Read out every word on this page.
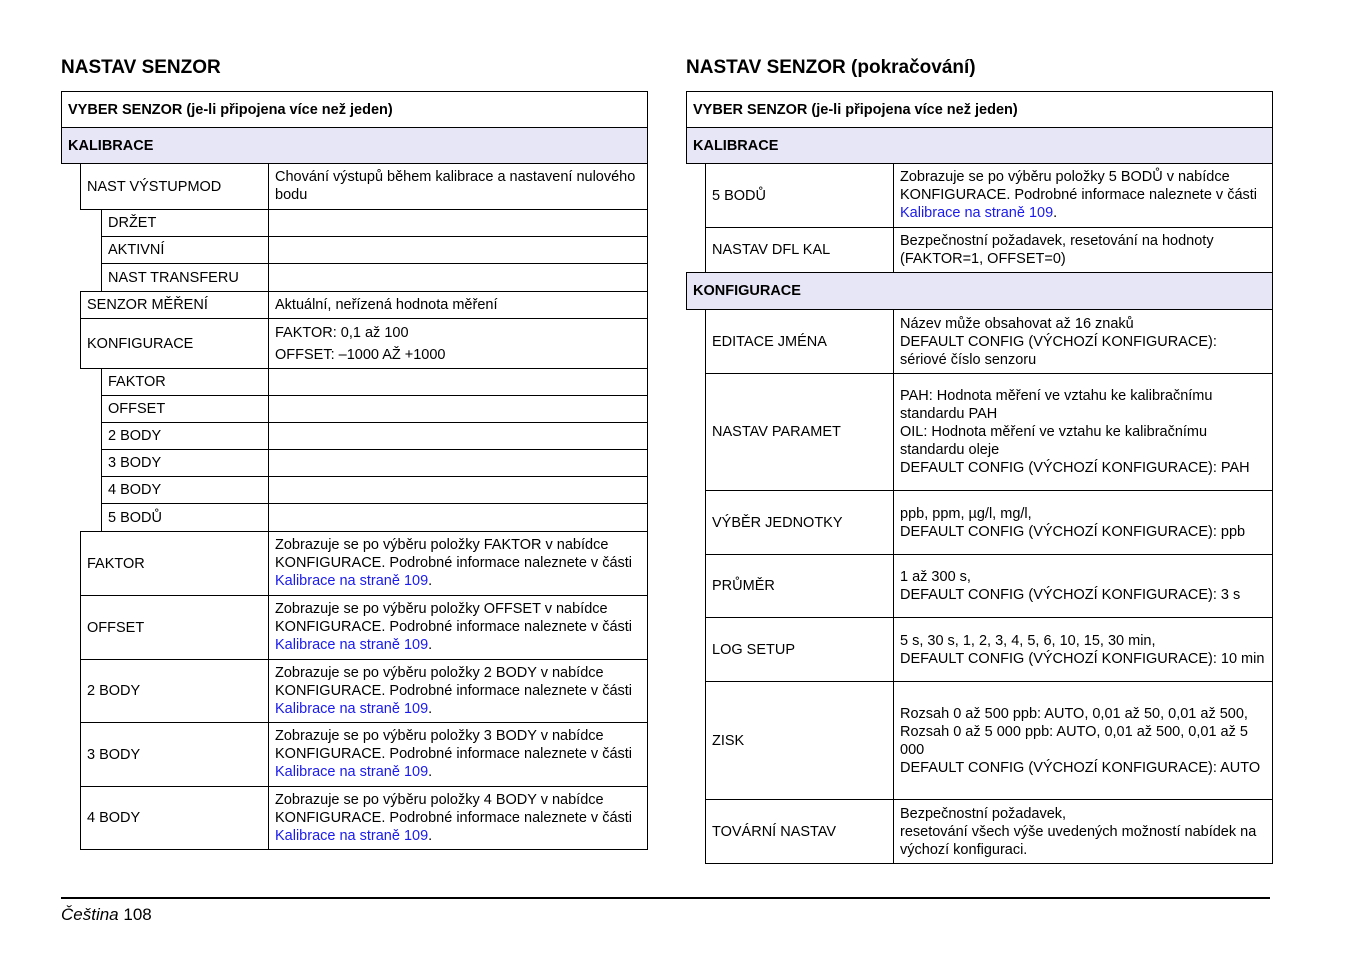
NASTAV SENZOR
VYBER SENZOR (je-li připojena více než jeden)
KALIBRACE
NAST VÝSTUPMOD
Chování výstupů během kalibrace a nastavení nulového bodu
DRŽET
AKTIVNÍ
NAST TRANSFERU
SENZOR MĚŘENÍ	Aktuální, neřízená hodnota měření
KONFIGURACE
FAKTOR: 0,1 až 100
OFFSET: –1000 AŽ +1000
FAKTOR
OFFSET
2 BODY
3 BODY
4 BODY
5 BODŮ
FAKTOR
Zobrazuje se po výběru položky FAKTOR v nabídce KONFIGURACE. Podrobné informace naleznete v části Kalibrace na straně 109.
OFFSET
Zobrazuje se po výběru položky OFFSET v nabídce KONFIGURACE. Podrobné informace naleznete v části Kalibrace na straně 109.
2 BODY
Zobrazuje se po výběru položky 2 BODY v nabídce KONFIGURACE. Podrobné informace naleznete v části Kalibrace na straně 109.
3 BODY
Zobrazuje se po výběru položky 3 BODY v nabídce KONFIGURACE. Podrobné informace naleznete v části Kalibrace na straně 109.
4 BODY
Zobrazuje se po výběru položky 4 BODY v nabídce KONFIGURACE. Podrobné informace naleznete v části Kalibrace na straně 109.
NASTAV SENZOR (pokračování)
VYBER SENZOR (je-li připojena více než jeden)
KALIBRACE
5 BODŮ
Zobrazuje se po výběru položky 5 BODŮ v nabídce KONFIGURACE. Podrobné informace naleznete v části Kalibrace na straně 109.
NASTAV DFL KAL
Bezpečnostní požadavek, resetování na hodnoty (FAKTOR=1, OFFSET=0)
KONFIGURACE
EDITACE JMÉNA
Název může obsahovat až 16 znaků
DEFAULT CONFIG (VÝCHOZÍ KONFIGURACE): sériové číslo senzoru
NASTAV PARAMET
PAH: Hodnota měření ve vztahu ke kalibračnímu standardu PAH
OIL: Hodnota měření ve vztahu ke kalibračnímu standardu oleje
DEFAULT CONFIG (VÝCHOZÍ KONFIGURACE): PAH
VÝBĚR JEDNOTKY
ppb, ppm, µg/l, mg/l,
DEFAULT CONFIG (VÝCHOZÍ KONFIGURACE): ppb
PRŮMĚR
1 až 300 s,
DEFAULT CONFIG (VÝCHOZÍ KONFIGURACE): 3 s
LOG SETUP
5 s, 30 s, 1, 2, 3, 4, 5, 6, 10, 15, 30 min,
DEFAULT CONFIG (VÝCHOZÍ KONFIGURACE): 10 min
ZISK
Rozsah 0 až 500 ppb: AUTO, 0,01 až 50, 0,01 až 500,
Rozsah 0 až 5 000 ppb: AUTO, 0,01 až 500, 0,01 až 5 000
DEFAULT CONFIG (VÝCHOZÍ KONFIGURACE): AUTO
TOVÁRNÍ NASTAV
Bezpečnostní požadavek,
resetování všech výše uvedených možností nabídek na výchozí konfiguraci.
Čeština 108
